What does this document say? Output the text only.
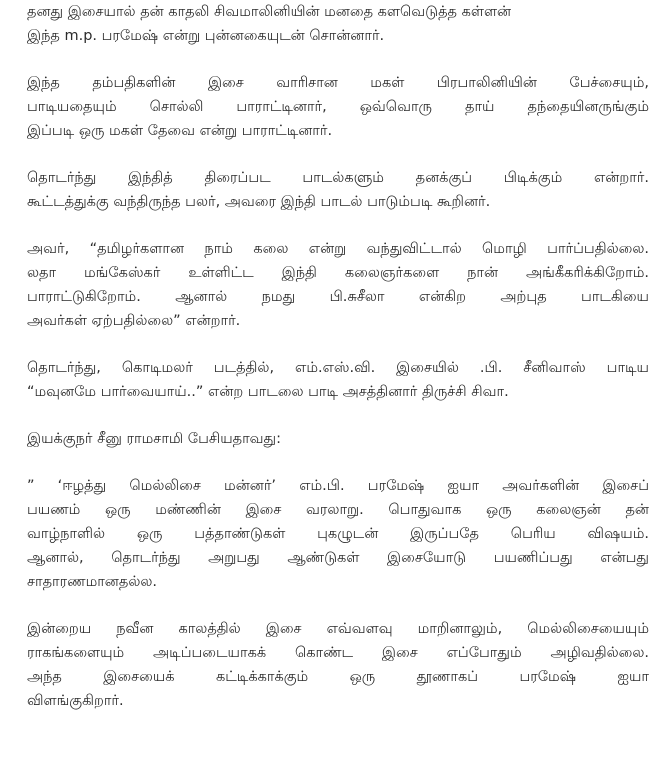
தனது இசையால் தன் காதலி சிவமாலினியின் மனதை களவெடுத்த கள்ளன்
இந்த m.p. பரமேஷ் என்று புன்னகையுடன் சொன்னார்.

இந்த தம்பதிகளின் இசை வாரிசான மகள் பிரபாலினியின் பேச்சையும்,
பாடியதையும் சொல்லி பாராட்டினார், ஒவ்வொரு தாய் தந்தையினருங்கும்
இப்படி ஒரு மகள் தேவை என்று பாராட்டினார்.

தொடர்ந்து இந்தித் திரைப்பட பாடல்களும் தனக்குப் பிடிக்கும் என்றார்.
கூட்டத்துக்கு வந்திருந்த பலர், அவரை இந்தி பாடல் பாடும்படி கூறினர்.

அவர், “தமிழர்களான நாம் கலை என்று வந்துவிட்டால் மொழி பார்ப்பதில்லை.
லதா மங்கேஸ்கர் உள்ளிட்ட இந்தி கலைஞர்களை நான் அங்கீகரிக்கிறோம்.
பாராட்டுகிறோம். ஆனால் நமது பி.சுசீலா என்கிற அற்புத பாடகியை
அவர்கள் ஏற்பதில்லை” என்றார்.

தொடர்ந்து, கொடிமலர் படத்தில், எம்.எஸ்.வி. இசையில் .பி. சீனிவாஸ் பாடிய
“மவுனமே பார்வையாய்..” என்ற பாடலை பாடி அசத்தினார் திருச்சி சிவா.

இயக்குநர் சீனு ராமசாமி பேசியதாவது:

” ‘ஈழத்து மெல்லிசை மன்னர்’ எம்.பி. பரமேஷ் ஐயா அவர்களின் இசைப்
பயணம் ஒரு மண்ணின் இசை வரலாறு. பொதுவாக ஒரு கலைஞன் தன்
வாழ்நாளில் ஒரு பத்தாண்டுகள் புகழுடன் இருப்பதே பெரிய விஷயம்.
ஆனால், தொடர்ந்து அறுபது ஆண்டுகள் இசையோடு பயணிப்பது என்பது
சாதாரணமானதல்ல.

இன்றைய நவீன காலத்தில் இசை எவ்வளவு மாறினாலும், மெல்லிசையையும்
ராகங்களையும் அடிப்படையாகக் கொண்ட இசை எப்போதும் அழிவதில்லை.
அந்த இசையைக் கட்டிக்காக்கும் ஒரு தூணாகப் பரமேஷ் ஐயா
விளங்குகிறார்.
